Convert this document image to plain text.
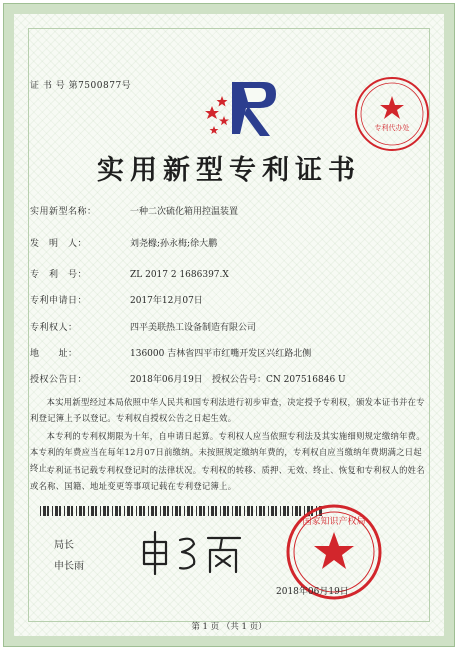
证 书 号 第7500877号
专利代办处
实用新型专利证书
实用新型名称：	一种二次硫化箱用控温装置
发　明　人：	刘尧橼;孙永梅;徐大鹏
专　利　号：	ZL 2017 2 1686397.X
专利申请日：	2017年12月07日
专利权人：	四平美联热工设备制造有限公司
地　　址：	136000 吉林省四平市红嘴开发区兴红路北侧
授权公告日：	2018年06月19日 授权公告号：CN 207516846 U
本实用新型经过本局依照中华人民共和国专利法进行初步审查，决定授予专利权，颁发本证书并在专利登记簿上予以登记。专利权自授权公告之日起生效。
本专利的专利权期限为十年，自申请日起算。专利权人应当依照专利法及其实施细则规定缴纳年费。本专利的年费应当在每年12月07日前缴纳。未按照规定缴纳年费的，专利权自应当缴纳年费期满之日起终止。
专利证书记载专利权登记时的法律状况。专利权的转移、质押、无效、终止、恢复和专利权人的姓名或名称、国籍、地址变更等事项记载在专利登记簿上。
局长
申长雨
国家知识产权局
2018年06月19日
第 1 页 （共 1 页）
